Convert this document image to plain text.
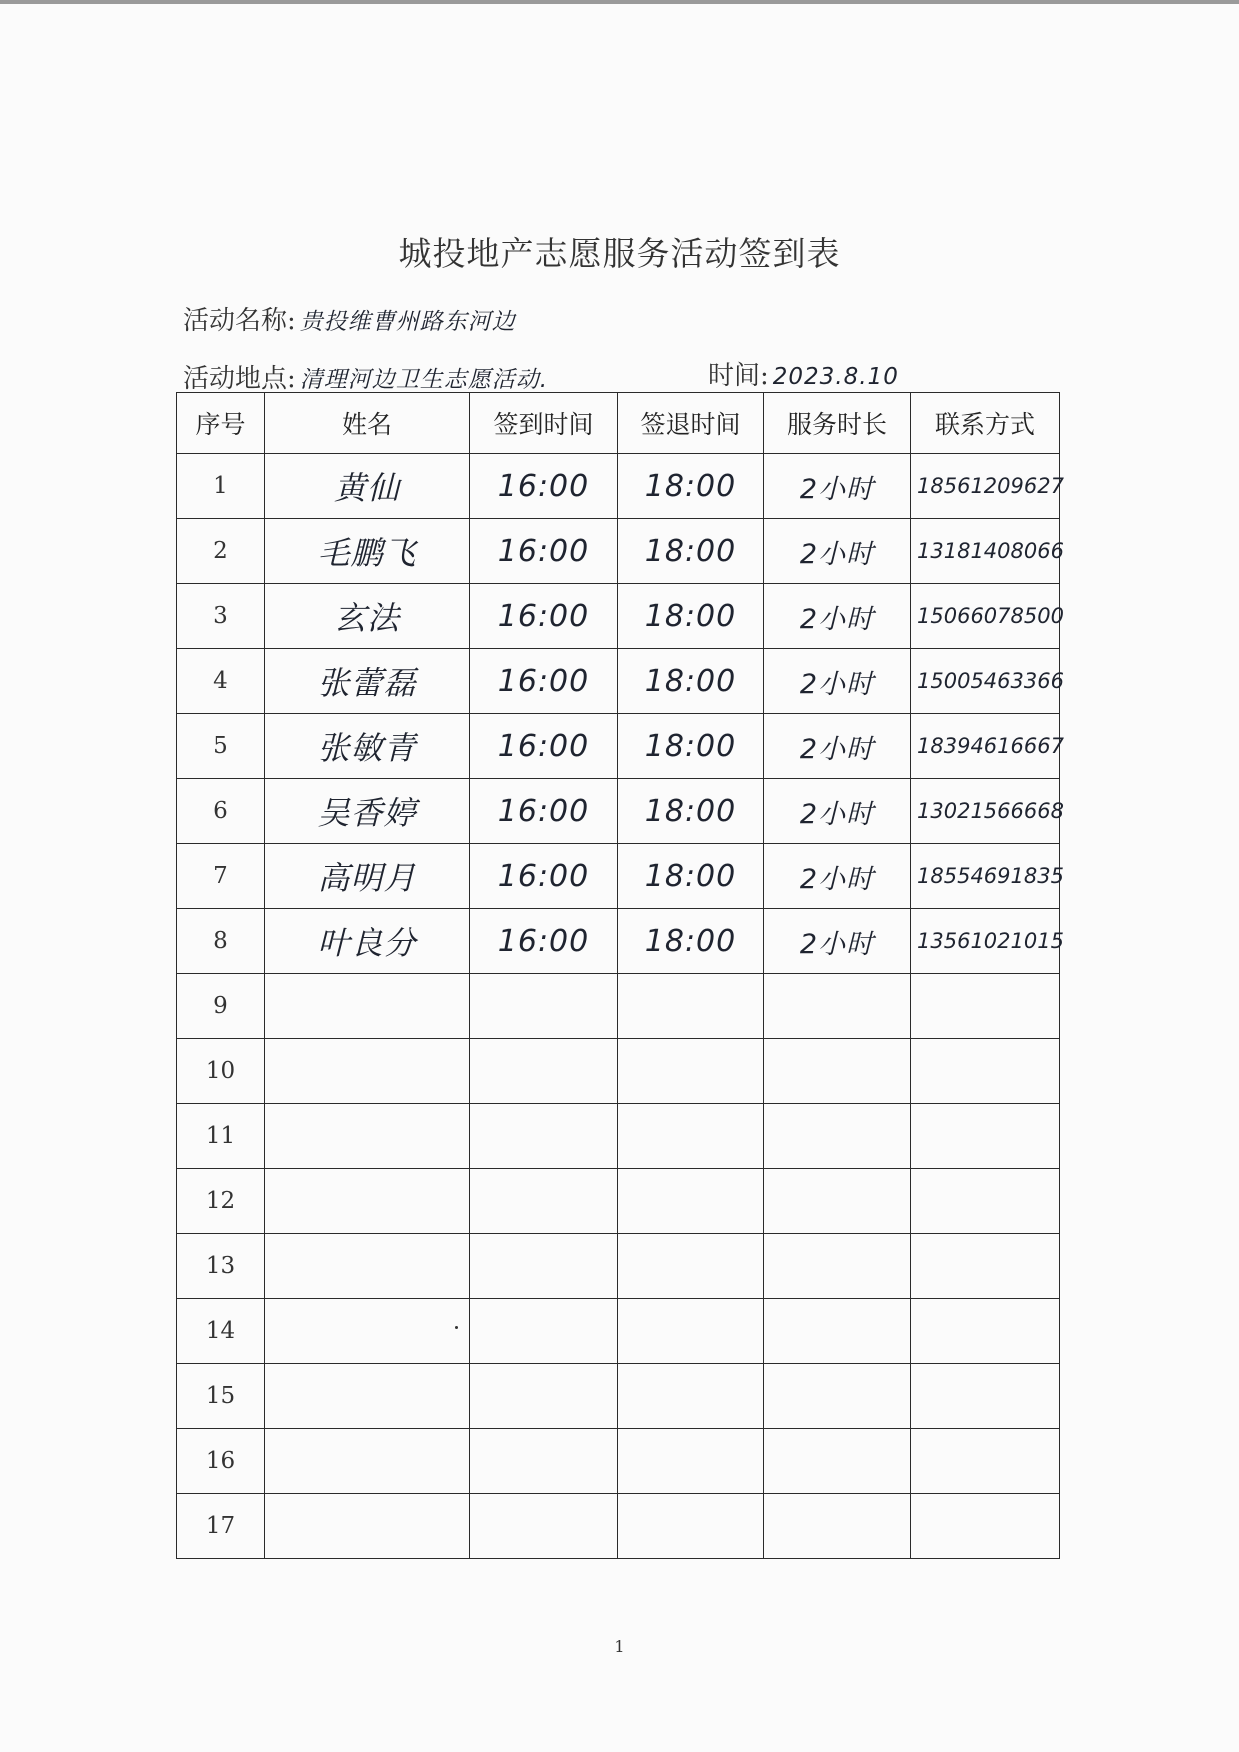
城投地产志愿服务活动签到表
活动名称: 贵投维曹州路东河边
活动地点: 清理河边卫生志愿活动.	时间: 2023.8.10
序号	姓名	签到时间	签退时间	服务时长	联系方式
1	黄仙	16:00	18:00	2小时	18561209627
2	毛鹏飞	16:00	18:00	2小时	13181408066
3	玄法	16:00	18:00	2小时	15066078500
4	张蕾磊	16:00	18:00	2小时	15005463366
5	张敏青	16:00	18:00	2小时	18394616667
6	吴香婷	16:00	18:00	2小时	13021566668
7	高明月	16:00	18:00	2小时	18554691835
8	叶良分	16:00	18:00	2小时	13561021015
9					
10					
11					
12					
13					
14					
15					
16					
17					
1
